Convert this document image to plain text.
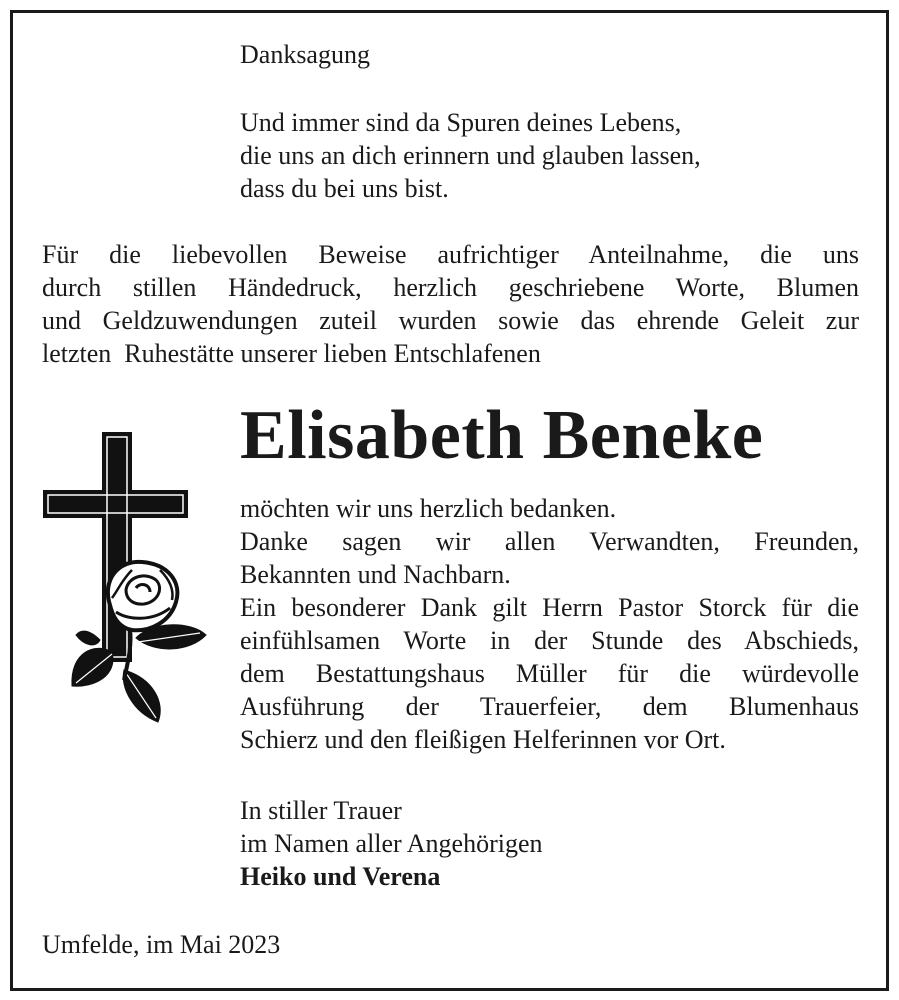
Danksagung

Und immer sind da Spuren deines Lebens,

die uns an dich erinnern und glauben lassen,

dass du bei uns bist.

Für die liebevollen Beweise aufrichtiger Anteilnahme, die uns
durch stillen Händedruck, herzlich geschriebene Worte, Blumen
und Geldzuwendungen zuteil wurden sowie das ehrende Geleit zur
letzten  Ruhestätte unserer lieben Entschlafenen
Elisabeth Beneke
möchten wir uns herzlich bedanken.
Danke sagen wir allen Verwandten, Freunden,
Bekannten und Nachbarn.
Ein besonderer Dank gilt Herrn Pastor Storck für die
einfühlsamen Worte in der Stunde des Abschieds,
dem Bestattungshaus Müller für die würdevolle
Ausführung der Trauerfeier, dem Blumenhaus
Schierz und den fleißigen Helferinnen vor Ort.

In stiller Trauer

im Namen aller Angehörigen

Heiko und Verena

Umfelde, im Mai 2023
